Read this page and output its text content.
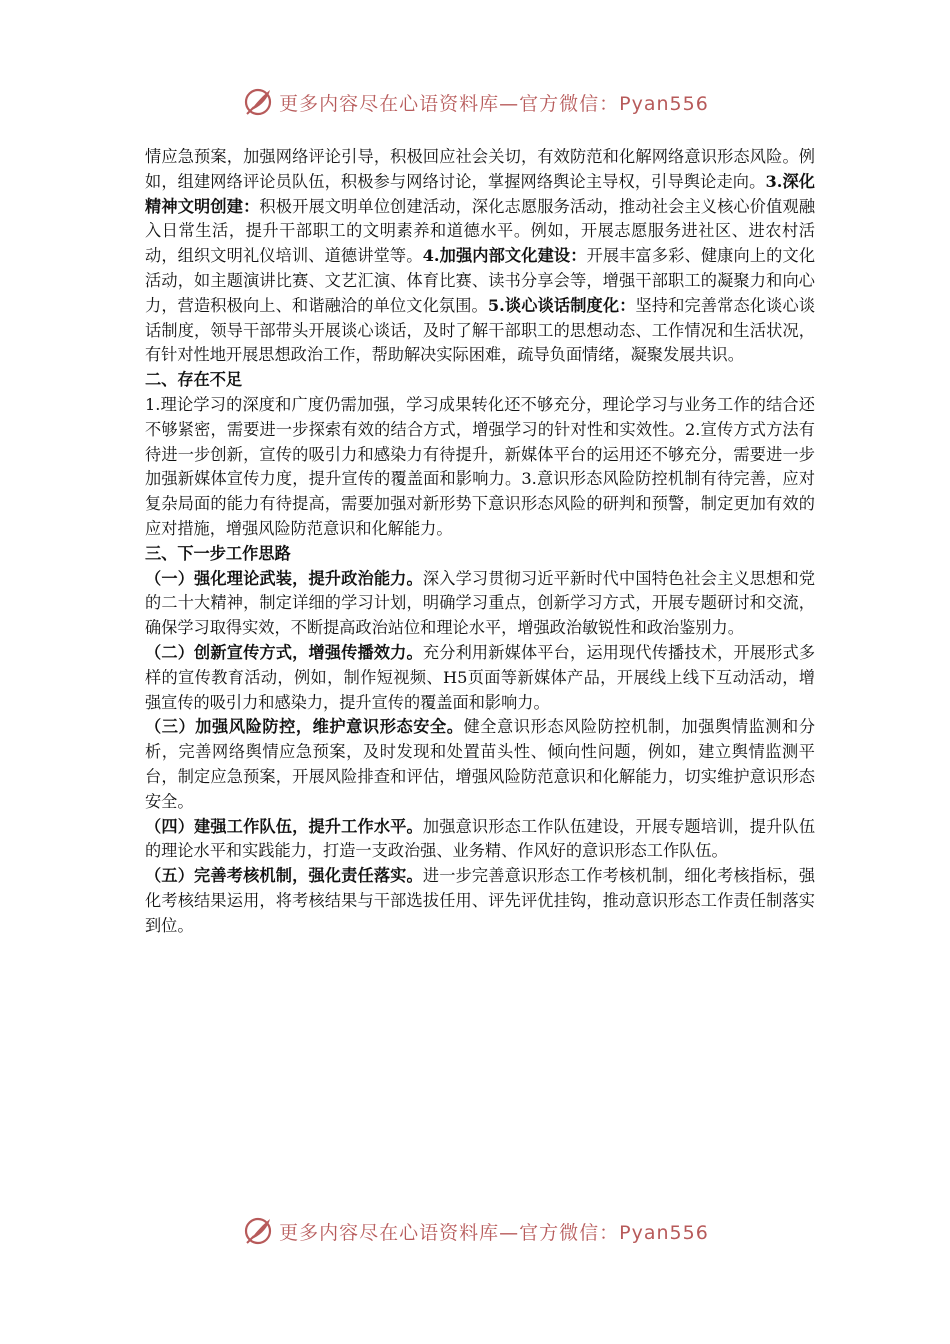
更多内容尽在心语资料库—官方微信：Pyan556

情应急预案，加强网络评论引导，积极回应社会关切，有效防范和化解网络意识形态风险。例如，组建网络评论员队伍，积极参与网络讨论，掌握网络舆论主导权，引导舆论走向。3.深化精神文明创建：积极开展文明单位创建活动，深化志愿服务活动，推动社会主义核心价值观融入日常生活，提升干部职工的文明素养和道德水平。例如，开展志愿服务进社区、进农村活动，组织文明礼仪培训、道德讲堂等。4.加强内部文化建设：开展丰富多彩、健康向上的文化活动，如主题演讲比赛、文艺汇演、体育比赛、读书分享会等，增强干部职工的凝聚力和向心力，营造积极向上、和谐融洽的单位文化氛围。5.谈心谈话制度化：坚持和完善常态化谈心谈话制度，领导干部带头开展谈心谈话，及时了解干部职工的思想动态、工作情况和生活状况，有针对性地开展思想政治工作，帮助解决实际困难，疏导负面情绪，凝聚发展共识。

二、存在不足

1.理论学习的深度和广度仍需加强，学习成果转化还不够充分，理论学习与业务工作的结合还不够紧密，需要进一步探索有效的结合方式，增强学习的针对性和实效性。2.宣传方式方法有待进一步创新，宣传的吸引力和感染力有待提升，新媒体平台的运用还不够充分，需要进一步加强新媒体宣传力度，提升宣传的覆盖面和影响力。3.意识形态风险防控机制有待完善，应对复杂局面的能力有待提高，需要加强对新形势下意识形态风险的研判和预警，制定更加有效的应对措施，增强风险防范意识和化解能力。

三、下一步工作思路

（一）强化理论武装，提升政治能力。深入学习贯彻习近平新时代中国特色社会主义思想和党的二十大精神，制定详细的学习计划，明确学习重点，创新学习方式，开展专题研讨和交流，确保学习取得实效，不断提高政治站位和理论水平，增强政治敏锐性和政治鉴别力。

（二）创新宣传方式，增强传播效力。充分利用新媒体平台，运用现代传播技术，开展形式多样的宣传教育活动，例如，制作短视频、H5页面等新媒体产品，开展线上线下互动活动，增强宣传的吸引力和感染力，提升宣传的覆盖面和影响力。

（三）加强风险防控，维护意识形态安全。健全意识形态风险防控机制，加强舆情监测和分析，完善网络舆情应急预案，及时发现和处置苗头性、倾向性问题，例如，建立舆情监测平台，制定应急预案，开展风险排查和评估，增强风险防范意识和化解能力，切实维护意识形态安全。

（四）建强工作队伍，提升工作水平。加强意识形态工作队伍建设，开展专题培训，提升队伍的理论水平和实践能力，打造一支政治强、业务精、作风好的意识形态工作队伍。

（五）完善考核机制，强化责任落实。进一步完善意识形态工作考核机制，细化考核指标，强化考核结果运用，将考核结果与干部选拔任用、评先评优挂钩，推动意识形态工作责任制落实到位。

更多内容尽在心语资料库—官方微信：Pyan556
